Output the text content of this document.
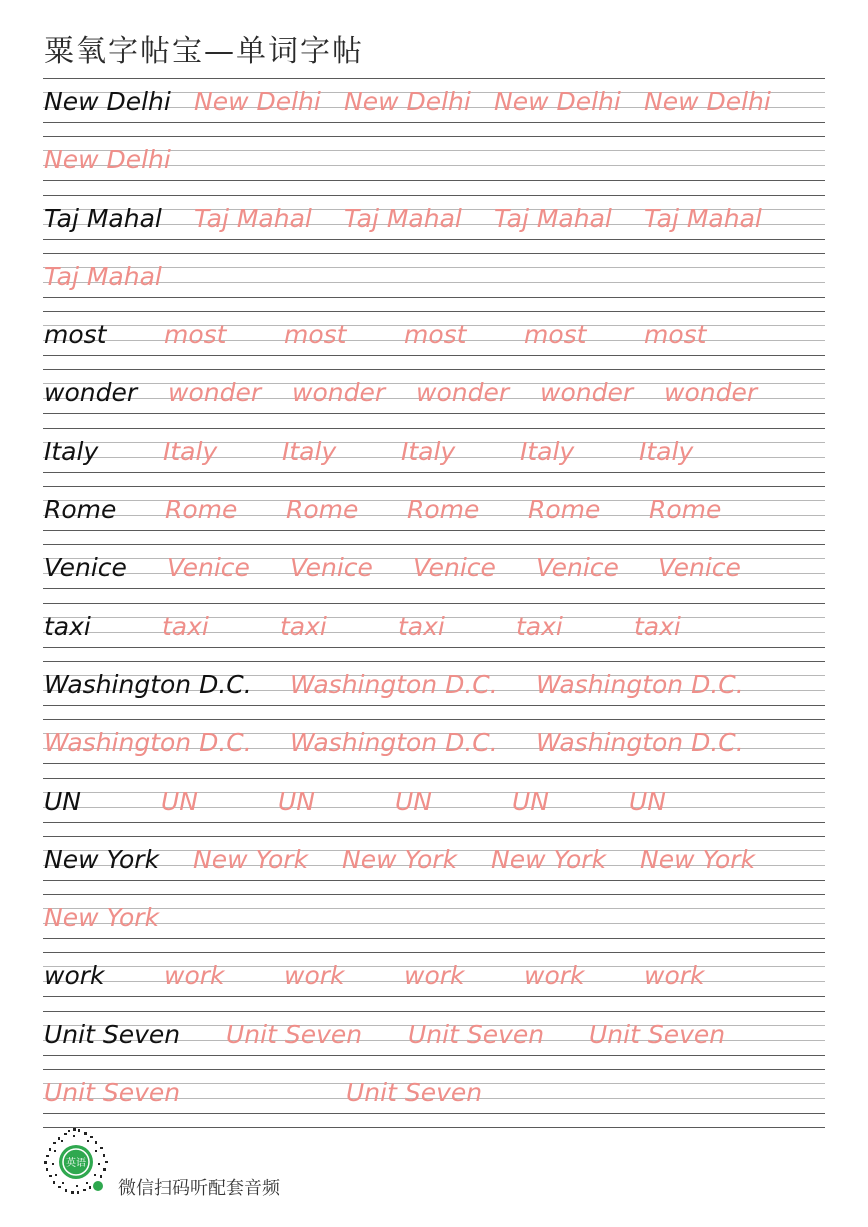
粟氧字帖宝—单词字帖
New Delhi New Delhi New Delhi New Delhi New Delhi
New Delhi
Taj Mahal Taj Mahal Taj Mahal Taj Mahal Taj Mahal
Taj Mahal
most most most most most most
wonder wonder wonder wonder wonder wonder
Italy	Italy	Italy	Italy	Italy	Italy
Rome Rome Rome Rome Rome Rome
Venice Venice Venice Venice Venice Venice
taxi	taxi	taxi	taxi	taxi	taxi
Washington D.C. Washington D.C. Washington D.C.
Washington D.C. Washington D.C. Washington D.C.
UN	UN	UN	UN	UN	UN
New York New York New York New York New York
New York
work work work work work work
Unit Seven Unit Seven Unit Seven Unit Seven
Unit Seven	Unit Seven
英语
微信扫码听配套音频
